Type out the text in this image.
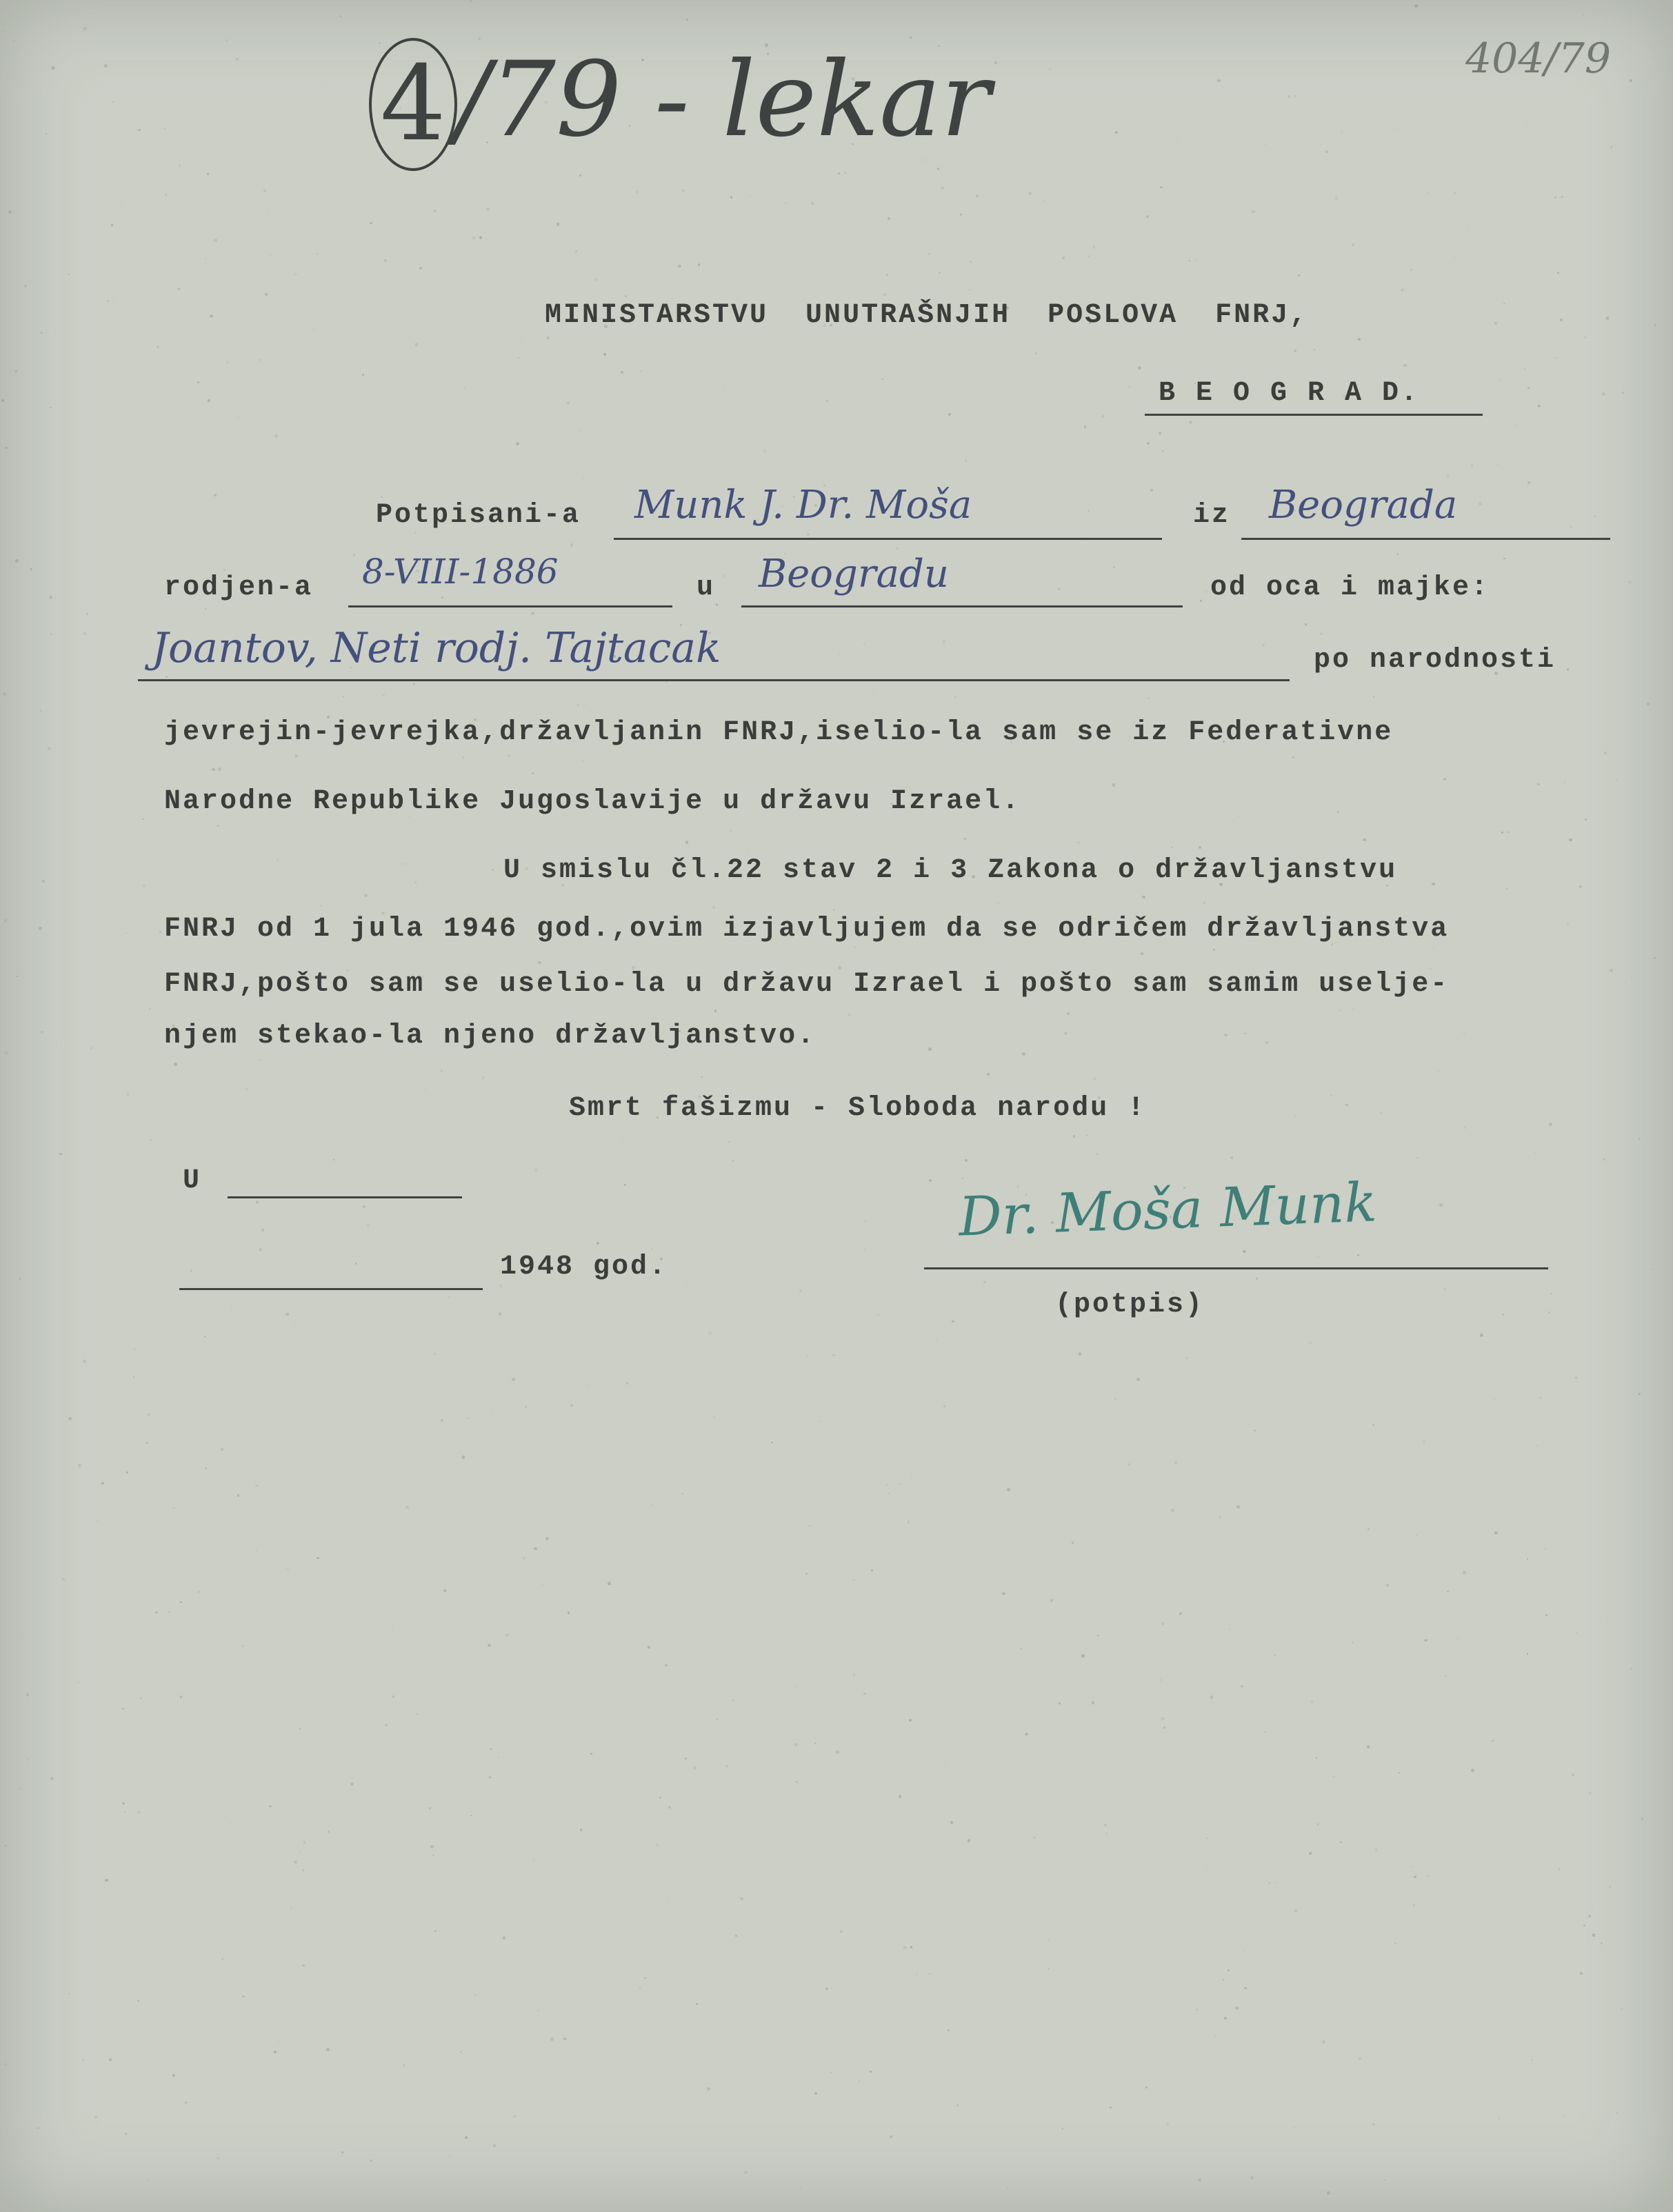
4 /79 - lekar	404/79
MINISTARSTVU  UNUTRAŠNJIH  POSLOVA  FNRJ,
B E O G R A D.
Potpisani-a Munk J. Dr. Moša	iz Beograda
rodjen-a 8-VIII-1886	u Beogradu	od oca i majke:
Joantov, Neti rodj. Tajtacak	po narodnosti
jevrejin-jevrejka,državljanin FNRJ,iselio-la sam se iz Federativne
Narodne Republike Jugoslavije u državu Izrael.
U smislu čl.22 stav 2 i 3 Zakona o državljanstvu
FNRJ od 1 jula 1946 god.,ovim izjavljujem da se odričem državljanstva
FNRJ,pošto sam se uselio-la u državu Izrael i pošto sam samim uselje-
njem stekao-la njeno državljanstvo.
Smrt fašizmu - Sloboda narodu !
U
1948 god.
Dr. Moša Munk
(potpis)
